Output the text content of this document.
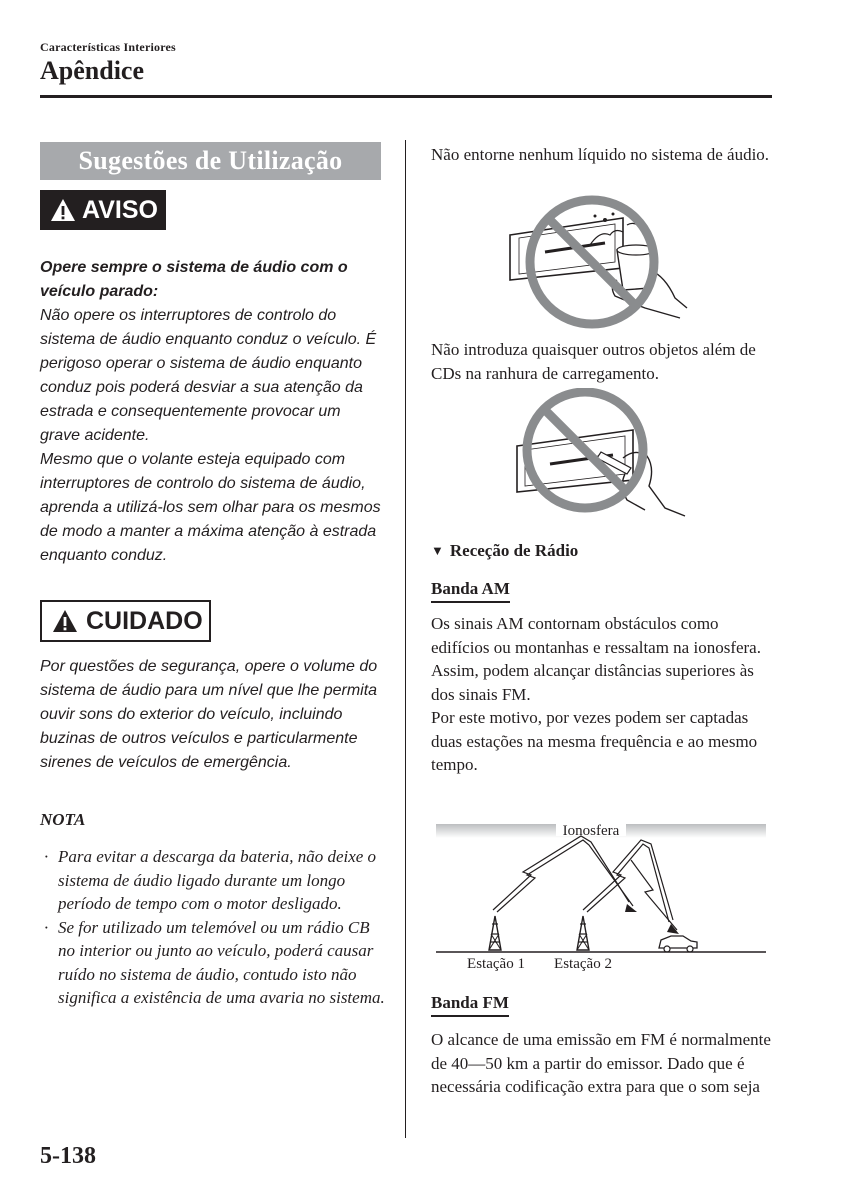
Características Interiores
Apêndice
Sugestões de Utilização
AVISO
Opere sempre o sistema de áudio com o veículo parado:
Não opere os interruptores de controlo do sistema de áudio enquanto conduz o veículo. É perigoso operar o sistema de áudio enquanto conduz pois poderá desviar a sua atenção da estrada e consequentemente provocar um grave acidente.
Mesmo que o volante esteja equipado com interruptores de controlo do sistema de áudio, aprenda a utilizá-los sem olhar para os mesmos de modo a manter a máxima atenção à estrada enquanto conduz.
CUIDADO
Por questões de segurança, opere o volume do sistema de áudio para um nível que lhe permita ouvir sons do exterior do veículo, incluindo buzinas de outros veículos e particularmente sirenes de veículos de emergência.
NOTA
· Para evitar a descarga da bateria, não deixe o sistema de áudio ligado durante um longo período de tempo com o motor desligado.
· Se for utilizado um telemóvel ou um rádio CB no interior ou junto ao veículo, poderá causar ruído no sistema de áudio, contudo isto não significa a existência de uma avaria no sistema.
Não entorne nenhum líquido no sistema de áudio.
Não introduza quaisquer outros objetos além de CDs na ranhura de carregamento.
▼ Receção de Rádio
Banda AM
Os sinais AM contornam obstáculos como edifícios ou montanhas e ressaltam na ionosfera.
Assim, podem alcançar distâncias superiores às dos sinais FM.
Por este motivo, por vezes podem ser captadas duas estações na mesma frequência e ao mesmo tempo.
Ionosfera
Estação 1 Estação 2
Banda FM
O alcance de uma emissão em FM é normalmente de 40―50 km a partir do emissor. Dado que é necessária codificação extra para que o som seja
5-138
